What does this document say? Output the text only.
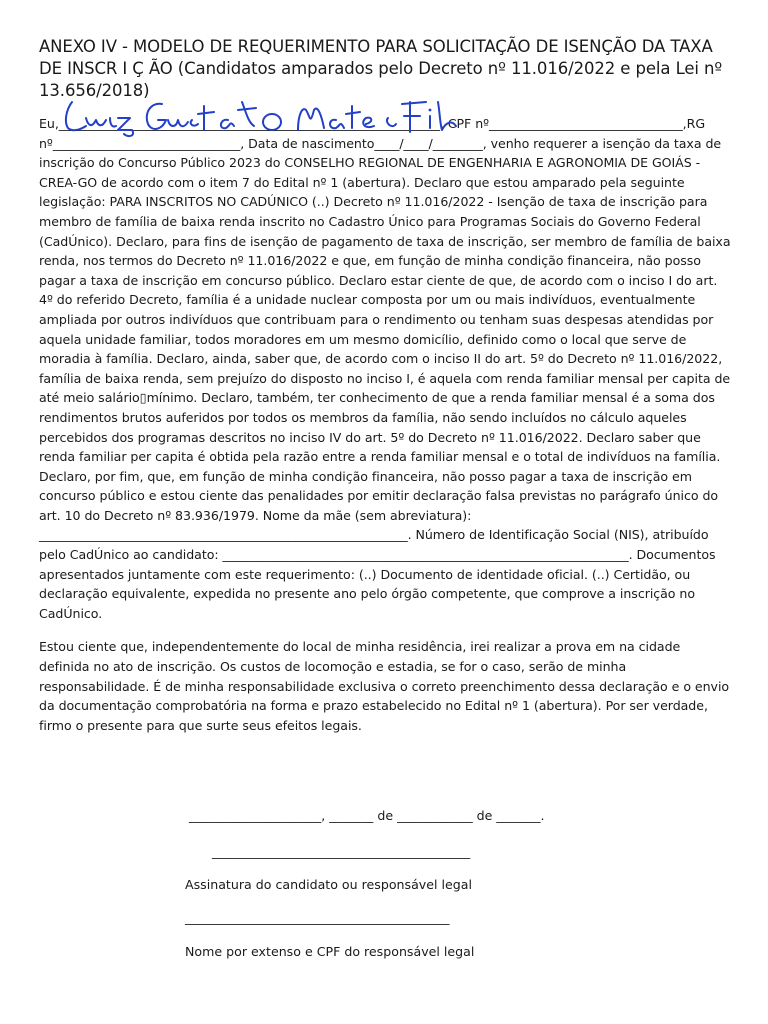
ANEXO IV - MODELO DE REQUERIMENTO PARA SOLICITAÇÃO DE ISENÇÃO DA TAXA DE INSCR I Ç ÃO (Candidatos amparados pelo Decreto nº 11.016/2022 e pela Lei nº 13.656/2018)

Eu,_____________________________________________________________, CPF nº_______________________________,RG nº______________________________, Data de nascimento____/____/________, venho requerer a isenção da taxa de inscrição do Concurso Público 2023 do CONSELHO REGIONAL DE ENGENHARIA E AGRONOMIA DE GOIÁS - CREA-GO de acordo com o item 7 do Edital nº 1 (abertura). Declaro que estou amparado pela seguinte legislação: PARA INSCRITOS NO CADÚNICO (..) Decreto nº 11.016/2022 - Isenção de taxa de inscrição para membro de família de baixa renda inscrito no Cadastro Único para Programas Sociais do Governo Federal (CadÚnico). Declaro, para fins de isenção de pagamento de taxa de inscrição, ser membro de família de baixa renda, nos termos do Decreto nº 11.016/2022 e que, em função de minha condição financeira, não posso pagar a taxa de inscrição em concurso público. Declaro estar ciente de que, de acordo com o inciso I do art. 4º do referido Decreto, família é a unidade nuclear composta por um ou mais indivíduos, eventualmente ampliada por outros indivíduos que contribuam para o rendimento ou tenham suas despesas atendidas por aquela unidade familiar, todos moradores em um mesmo domicílio, definido como o local que serve de moradia à família. Declaro, ainda, saber que, de acordo com o inciso II do art. 5º do Decreto nº 11.016/2022, família de baixa renda, sem prejuízo do disposto no inciso I, é aquela com renda familiar mensal per capita de até meio salário▯mínimo. Declaro, também, ter conhecimento de que a renda familiar mensal é a soma dos rendimentos brutos auferidos por todos os membros da família, não sendo incluídos no cálculo aqueles percebidos dos programas descritos no inciso IV do art. 5º do Decreto nº 11.016/2022. Declaro saber que renda familiar per capita é obtida pela razão entre a renda familiar mensal e o total de indivíduos na família. Declaro, por fim, que, em função de minha condição financeira, não posso pagar a taxa de inscrição em concurso público e estou ciente das penalidades por emitir declaração falsa previstas no parágrafo único do art. 10 do Decreto nº 83.936/1979. Nome da mãe (sem abreviatura): ___________________________________________________________. Número de Identificação Social (NIS), atribuído pelo CadÚnico ao candidato: _________________________________________________________________. Documentos apresentados juntamente com este requerimento: (..) Documento de identidade oficial. (..) Certidão, ou declaração equivalente, expedida no presente ano pelo órgão competente, que comprove a inscrição no CadÚnico.

Estou ciente que, independentemente do local de minha residência, irei realizar a prova em na cidade definida no ato de inscrição. Os custos de locomoção e estadia, se for o caso, serão de minha responsabilidade. É de minha responsabilidade exclusiva o correto preenchimento dessa declaração e o envio da documentação comprobatória na forma e prazo estabelecido no Edital nº 1 (abertura). Por ser verdade, firmo o presente para que surte seus efeitos legais.

_____________________, _______ de ____________ de _______.
_________________________________________
Assinatura do candidato ou responsável legal
__________________________________________
Nome por extenso e CPF do responsável legal
